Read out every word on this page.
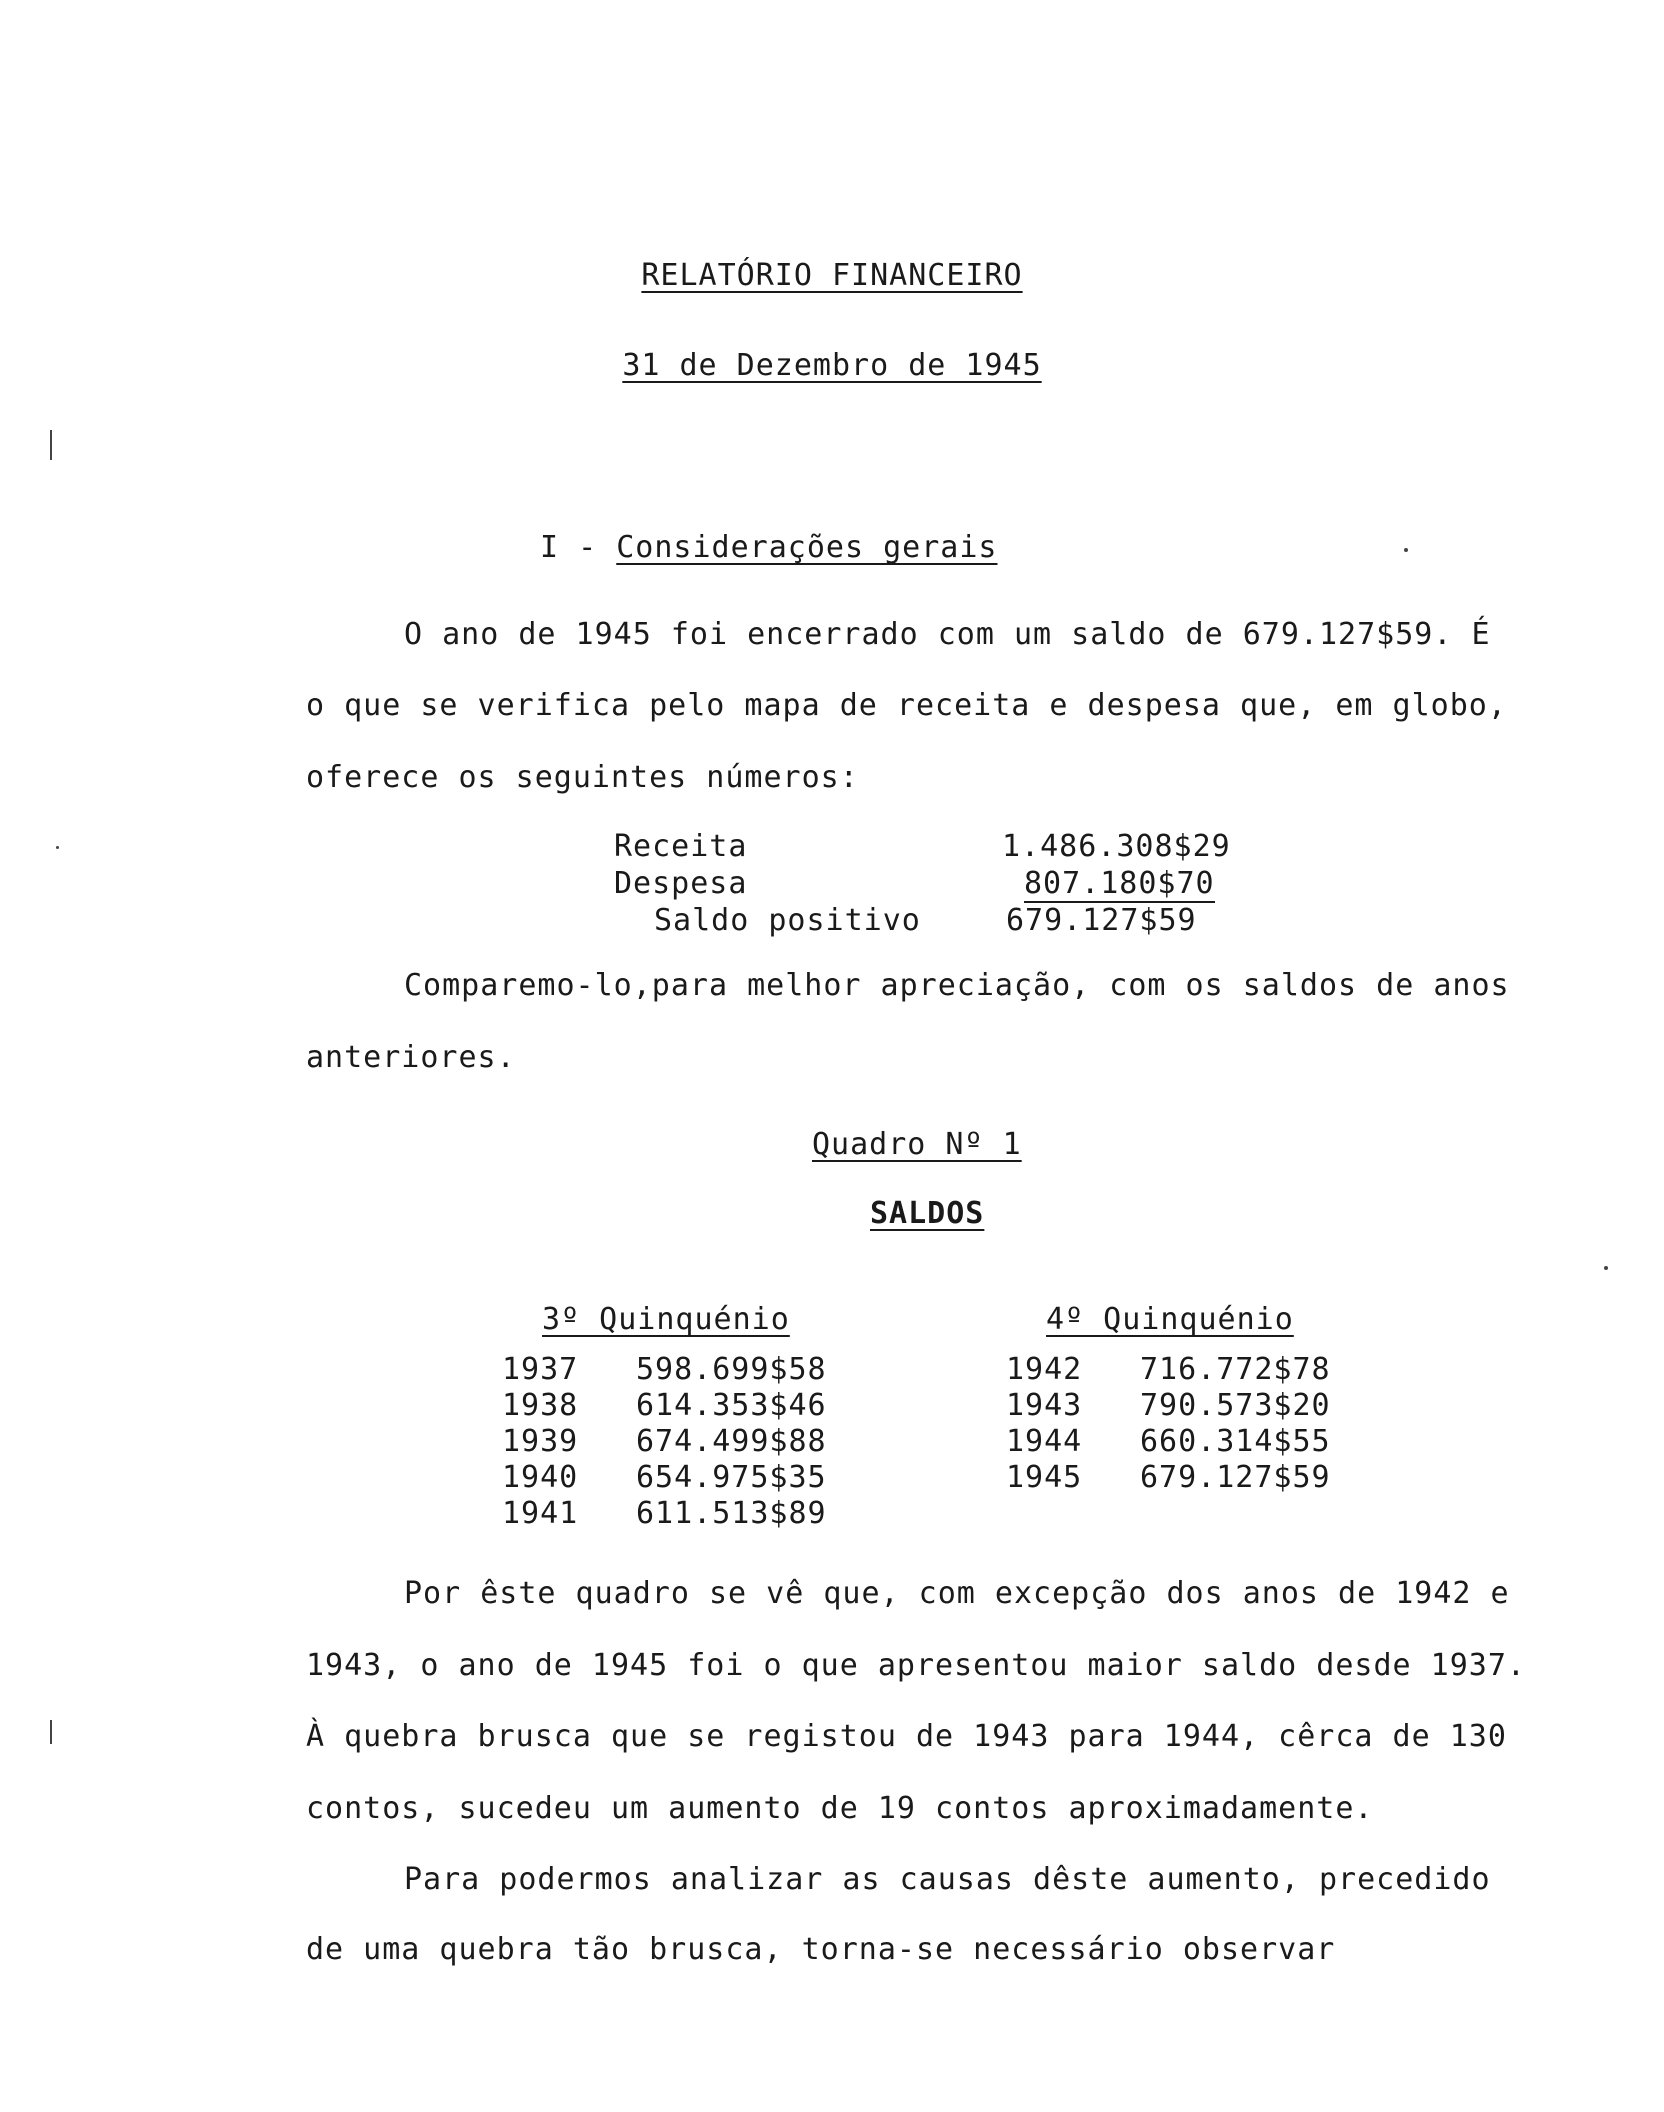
RELATÓRIO FINANCEIRO
31 de Dezembro de 1945
I - Considerações gerais
O ano de 1945 foi encerrado com um saldo de 679.127$59. É
o que se verifica pelo mapa de receita e despesa que, em globo,
oferece os seguintes números:
Receita
Despesa
Saldo positivo
1.486.308$29
807.180$70
679.127$59
Comparemo-lo,para melhor apreciação, com os saldos de anos
anteriores.
Quadro Nº 1
SALDOS
3º Quinquénio	4º Quinquénio
1937 598.699$58
1938 614.353$46
1939 674.499$88
1940 654.975$35
1941 611.513$89
1942 716.772$78
1943 790.573$20
1944 660.314$55
1945 679.127$59
Por êste quadro se vê que, com excepção dos anos de 1942 e
1943, o ano de 1945 foi o que apresentou maior saldo desde 1937.
À quebra brusca que se registou de 1943 para 1944, cêrca de 130
contos, sucedeu um aumento de 19 contos aproximadamente.
Para podermos analizar as causas dêste aumento, precedido
de uma quebra tão brusca, torna-se necessário observar
